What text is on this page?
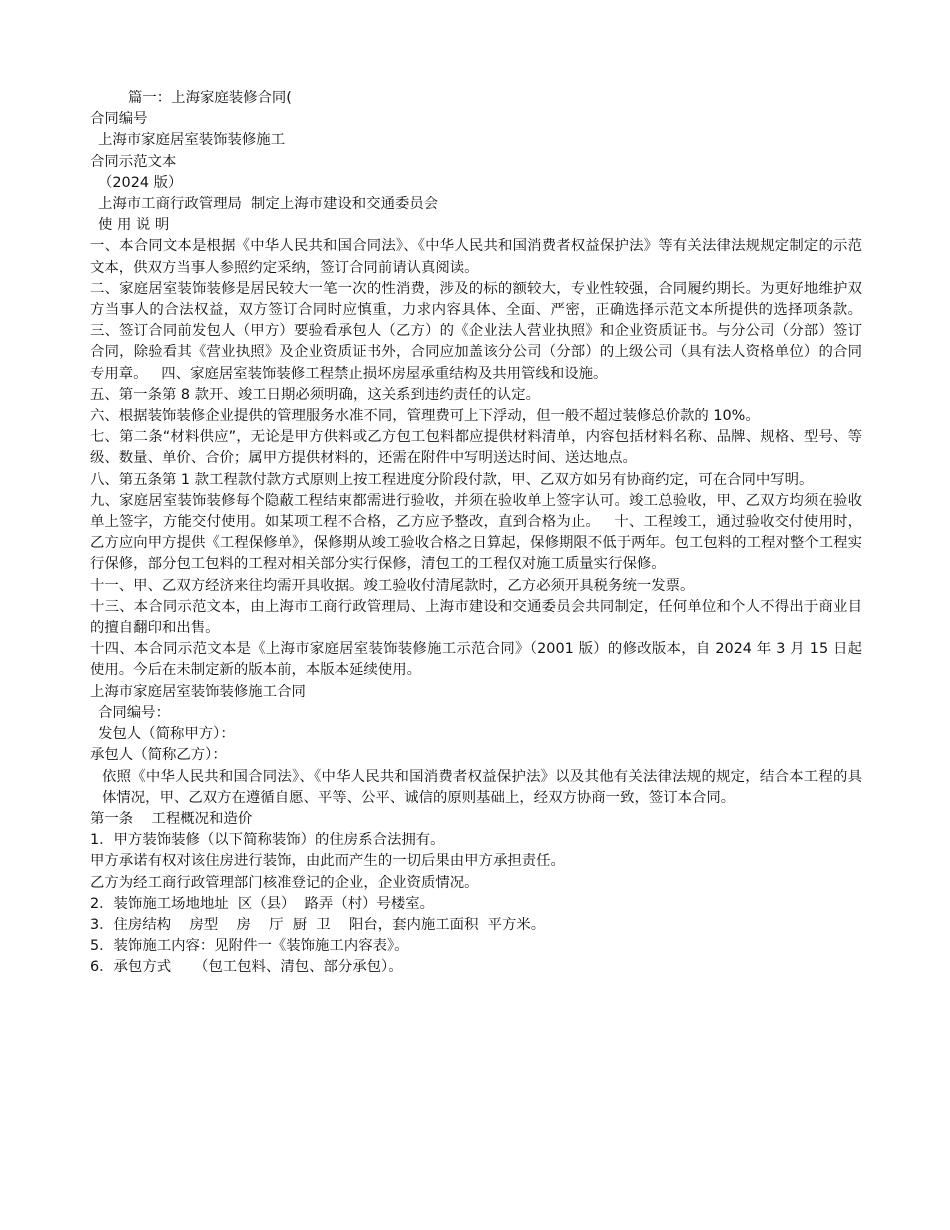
篇一：上海家庭装修合同(

合同编号

上海市家庭居室装饰装修施工

合同示范文本

（2024 版）

上海市工商行政管理局  制定上海市建设和交通委员会

使 用 说 明

一、本合同文本是根据《中华人民共和国合同法》、《中华人民共和国消费者权益保护法》等有关法律法规规定制定的示范文本，供双方当事人参照约定采纳，签订合同前请认真阅读。

二、家庭居室装饰装修是居民较大一笔一次的性消费，涉及的标的额较大，专业性较强，合同履约期长。为更好地维护双方当事人的合法权益，双方签订合同时应慎重，力求内容具体、全面、严密，正确选择示范文本所提供的选择项条款。   三、签订合同前发包人（甲方）要验看承包人（乙方）的《企业法人营业执照》和企业资质证书。与分公司（分部）签订合同，除验看其《营业执照》及企业资质证书外，合同应加盖该分公司（分部）的上级公司（具有法人资格单位）的合同专用章。   四、家庭居室装饰装修工程禁止损坏房屋承重结构及共用管线和设施。

五、第一条第 8 款开、竣工日期必须明确，这关系到违约责任的认定。

六、根据装饰装修企业提供的管理服务水准不同，管理费可上下浮动，但一般不超过装修总价款的 10%。

七、第二条“材料供应”，无论是甲方供料或乙方包工包料都应提供材料清单，内容包括材料名称、品牌、规格、型号、等级、数量、单价、合价；属甲方提供材料的，还需在附件中写明送达时间、送达地点。

八、第五条第 1 款工程款付款方式原则上按工程进度分阶段付款，甲、乙双方如另有协商约定，可在合同中写明。

九、家庭居室装饰装修每个隐蔽工程结束都需进行验收，并须在验收单上签字认可。竣工总验收，甲、乙双方均须在验收单上签字，方能交付使用。如某项工程不合格，乙方应予整改，直到合格为止。   十、工程竣工，通过验收交付使用时，乙方应向甲方提供《工程保修单》，保修期从竣工验收合格之日算起，保修期限不低于两年。包工包料的工程对整个工程实行保修，部分包工包料的工程对相关部分实行保修，清包工的工程仅对施工质量实行保修。

十一、甲、乙双方经济来往均需开具收据。竣工验收付清尾款时，乙方必须开具税务统一发票。

十三、本合同示范文本，由上海市工商行政管理局、上海市建设和交通委员会共同制定，任何单位和个人不得出于商业目的擅自翻印和出售。

十四、本合同示范文本是《上海市家庭居室装饰装修施工示范合同》（2001 版）的修改版本，自 2024 年 3 月 15 日起使用。今后在未制定新的版本前，本版本延续使用。

上海市家庭居室装饰装修施工合同

合同编号：

发包人（简称甲方）：

承包人（简称乙方）：

依照《中华人民共和国合同法》、《中华人民共和国消费者权益保护法》以及其他有关法律法规的规定，结合本工程的具体情况，甲、乙双方在遵循自愿、平等、公平、诚信的原则基础上，经双方协商一致，签订本合同。

第一条    工程概况和造价

1．甲方装饰装修（以下简称装饰）的住房系合法拥有。

甲方承诺有权对该住房进行装饰，由此而产生的一切后果由甲方承担责任。

乙方为经工商行政管理部门核准登记的企业，企业资质情况。

2．装饰施工场地地址  区（县）  路弄（村）号楼室。

3．住房结构    房型    房    厅  厨  卫    阳台，套内施工面积  平方米。

5．装饰施工内容：见附件一《装饰施工内容表》。

6．承包方式     （包工包料、清包、部分承包）。
